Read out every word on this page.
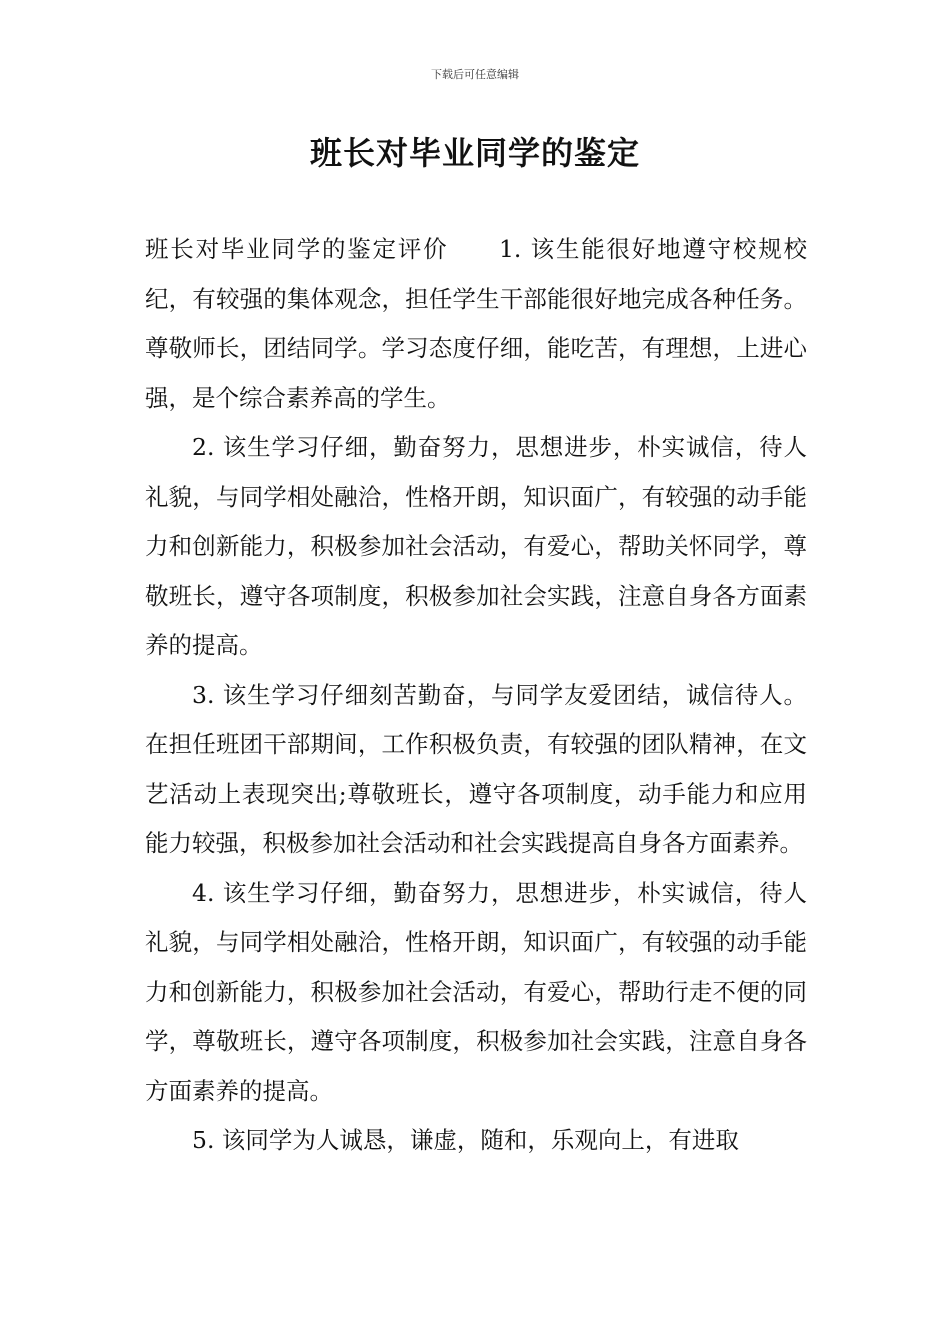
下载后可任意编辑
班长对毕业同学的鉴定

班长对毕业同学的鉴定评价　　1. 该生能很好地遵守校规校纪，有较强的集体观念，担任学生干部能很好地完成各种任务。尊敬师长，团结同学。学习态度仔细，能吃苦，有理想，上进心强，是个综合素养高的学生。

2. 该生学习仔细，勤奋努力，思想进步，朴实诚信，待人礼貌，与同学相处融洽，性格开朗，知识面广，有较强的动手能力和创新能力，积极参加社会活动，有爱心，帮助关怀同学，尊敬班长，遵守各项制度，积极参加社会实践，注意自身各方面素养的提高。

3. 该生学习仔细刻苦勤奋，与同学友爱团结，诚信待人。在担任班团干部期间，工作积极负责，有较强的团队精神，在文艺活动上表现突出;尊敬班长，遵守各项制度，动手能力和应用能力较强，积极参加社会活动和社会实践提高自身各方面素养。

4. 该生学习仔细，勤奋努力，思想进步，朴实诚信，待人礼貌，与同学相处融洽，性格开朗，知识面广，有较强的动手能力和创新能力，积极参加社会活动，有爱心，帮助行走不便的同学，尊敬班长，遵守各项制度，积极参加社会实践，注意自身各方面素养的提高。

5. 该同学为人诚恳，谦虚，随和，乐观向上，有进取
